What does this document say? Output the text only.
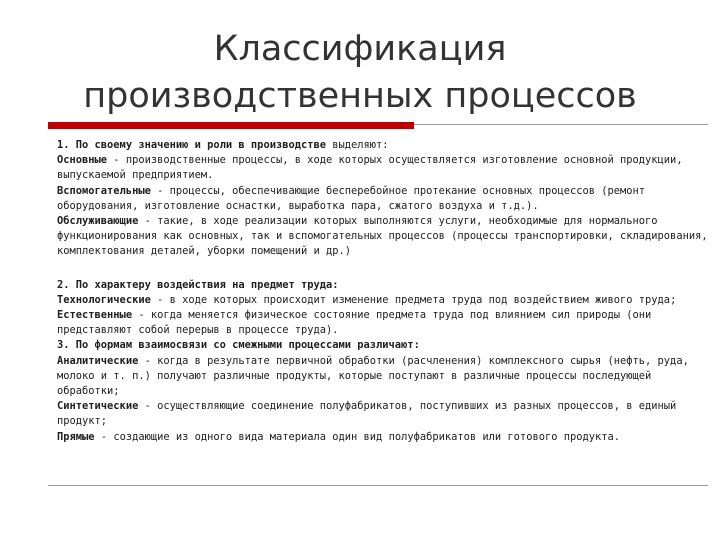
Классификация
производственных процессов

1. По своему значению и роли в производстве выделяют:

Основные - производственные процессы, в ходе которых осуществляется изготовление основной продукции, выпускаемой предприятием.

Вспомогательные - процессы, обеспечивающие бесперебойное протекание основных процессов (ремонт оборудования, изготовление оснастки, выработка пара, сжатого воздуха и т.д.).

Обслуживающие - такие, в ходе реализации которых выполняются услуги, необходимые для нормального функционирования как основных, так и вспомогательных процессов (процессы транспортировки, складирования, комплектования деталей, уборки помещений и др.)

2. По характеру воздействия на предмет труда:

Технологические - в ходе которых происходит изменение предмета труда под воздействием живого труда;

Естественные - когда меняется физическое состояние предмета труда под влиянием сил природы (они представляют собой перерыв в процессе труда).

3. По формам взаимосвязи со смежными процессами различают:

Аналитические - когда в результате первичной обработки (расчленения) комплексного сырья (нефть, руда, молоко и т. п.) получают различные продукты, которые поступают в различные процессы последующей обработки;

Синтетические - осуществляющие соединение полуфабрикатов, поступивших из разных процессов, в единый продукт;

Прямые - создающие из одного вида материала один вид полуфабрикатов или готового продукта.
